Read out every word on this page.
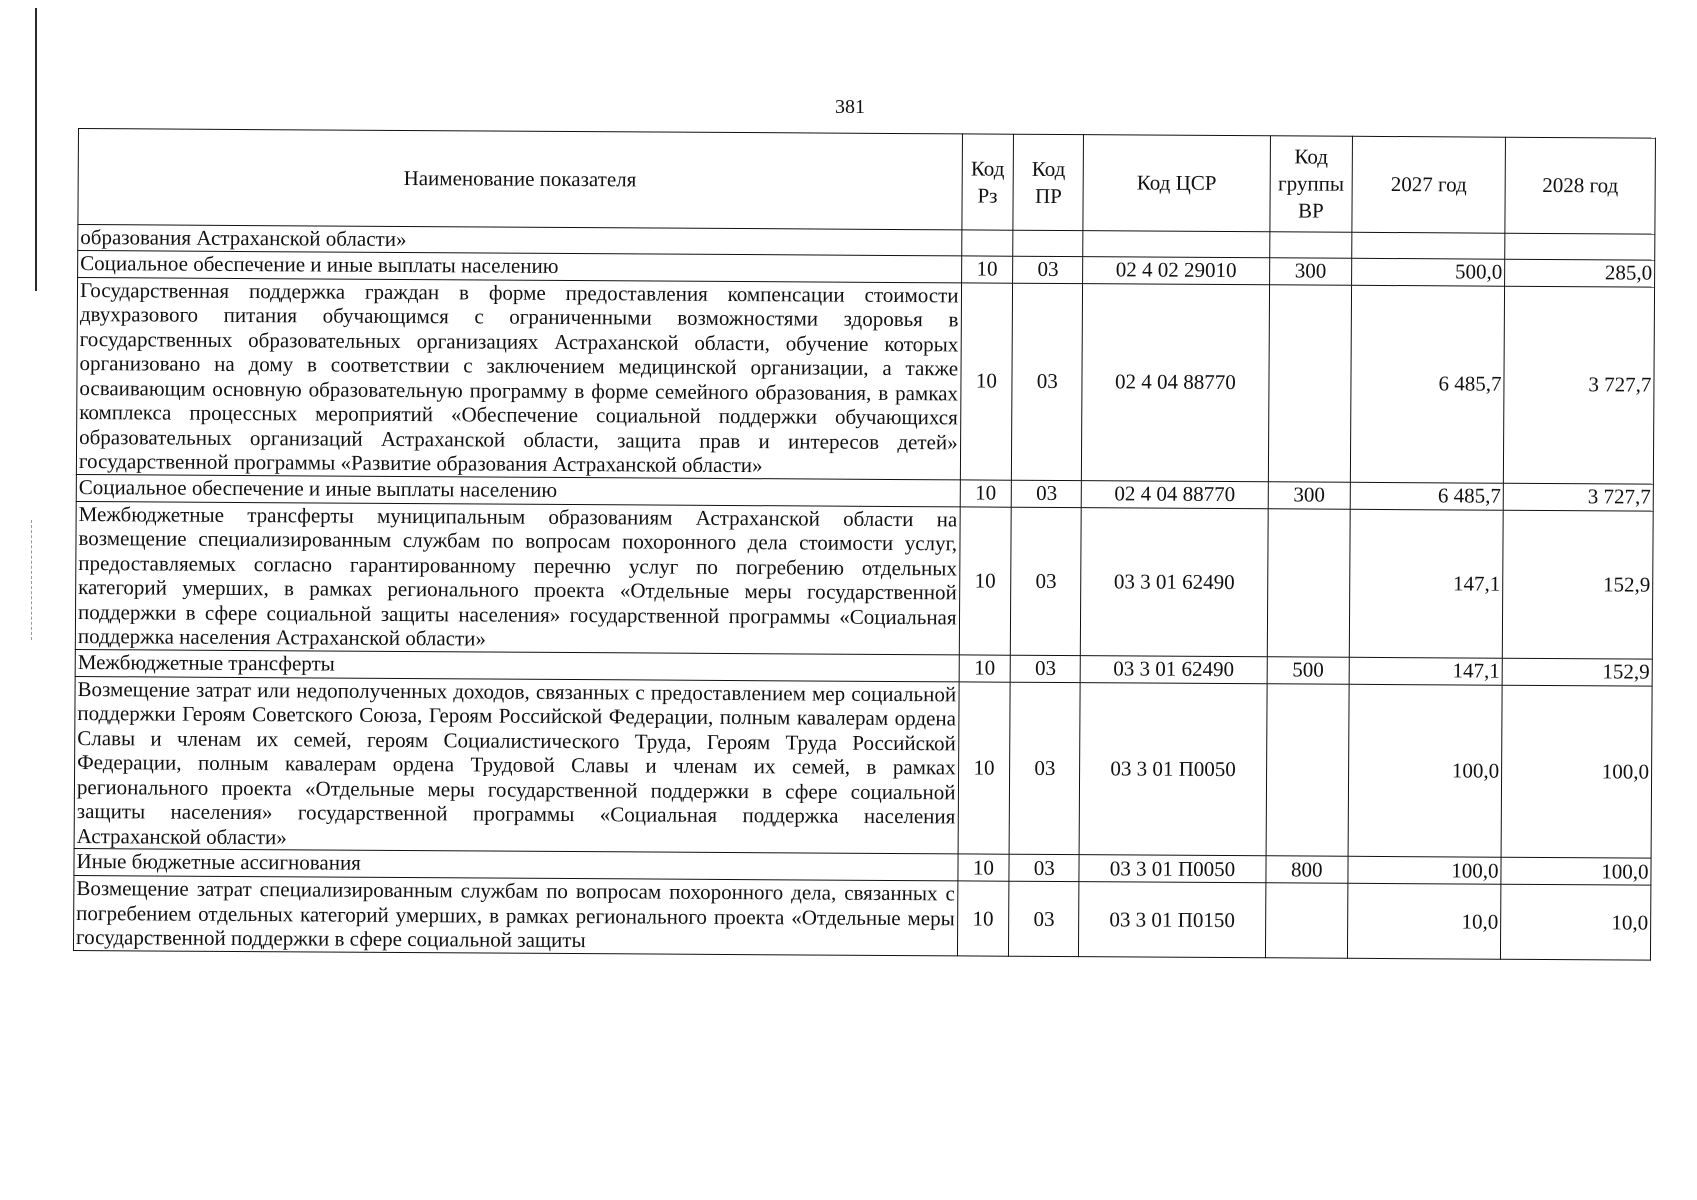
381
Наименование показателя	Код Рз	Код ПР	Код ЦСР	Код группы ВР	2027 год	2028 год
образования Астраханской области»						
Социальное обеспечение и иные выплаты населению	10	03	02 4 02 29010	300	500,0	285,0
Государственная поддержка граждан в форме предоставления компенсации стоимости двухразового питания обучающимся с ограниченными возможностями здоровья в государственных образовательных организациях Астраханской области, обучение которых организовано на дому в соответствии с заключением медицинской организации, а также осваивающим основную образовательную программу в форме семейного образования, в рамках комплекса процессных мероприятий «Обеспечение социальной поддержки обучающихся образовательных организаций Астраханской области, защита прав и интересов детей» государственной программы «Развитие образования Астраханской области»	10	03	02 4 04 88770		6 485,7	3 727,7
Социальное обеспечение и иные выплаты населению	10	03	02 4 04 88770	300	6 485,7	3 727,7
Межбюджетные трансферты муниципальным образованиям Астраханской области на возмещение специализированным службам по вопросам похоронного дела стоимости услуг, предоставляемых согласно гарантированному перечню услуг по погребению отдельных категорий умерших, в рамках регионального проекта «Отдельные меры государственной поддержки в сфере социальной защиты населения» государственной программы «Социальная поддержка населения Астраханской области»	10	03	03 3 01 62490		147,1	152,9
Межбюджетные трансферты	10	03	03 3 01 62490	500	147,1	152,9
Возмещение затрат или недополученных доходов, связанных с предоставлением мер социальной поддержки Героям Советского Союза, Героям Российской Федерации, полным кавалерам ордена Славы и членам их семей, героям Социалистического Труда, Героям Труда Российской Федерации, полным кавалерам ордена Трудовой Славы и членам их семей, в рамках регионального проекта «Отдельные меры государственной поддержки в сфере социальной защиты населения» государственной программы «Социальная поддержка населения Астраханской области»	10	03	03 3 01 П0050		100,0	100,0
Иные бюджетные ассигнования	10	03	03 3 01 П0050	800	100,0	100,0
Возмещение затрат специализированным службам по вопросам похоронного дела, связанных с погребением отдельных категорий умерших, в рамках регионального проекта «Отдельные меры государственной поддержки в сфере социальной защиты	10	03	03 3 01 П0150		10,0	10,0
